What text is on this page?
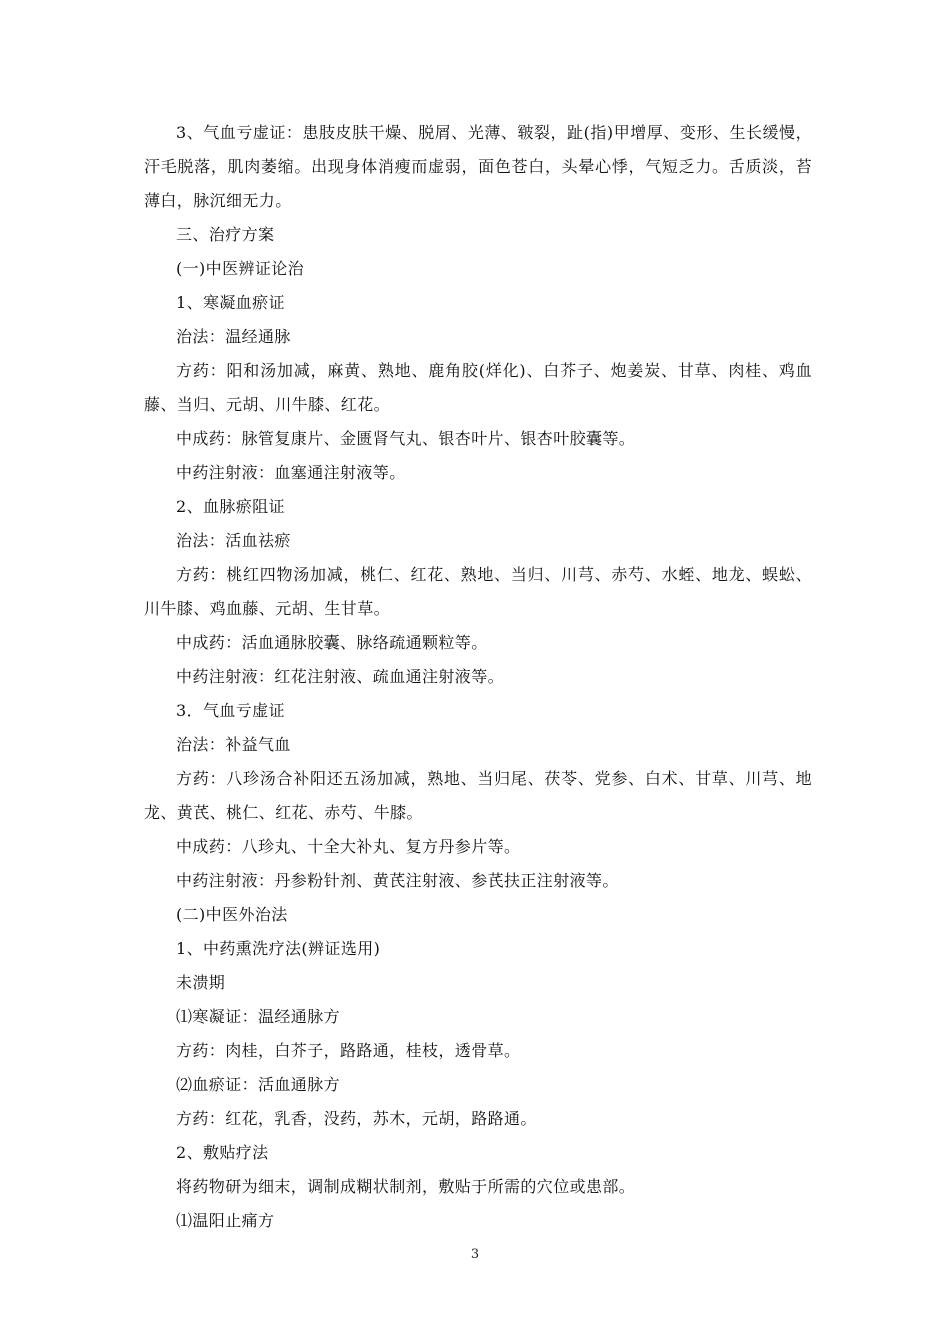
3、气血亏虚证：患肢皮肤干燥、脱屑、光薄、皲裂，趾(指)甲增厚、变形、生长缓慢，汗毛脱落，肌肉萎缩。出现身体消瘦而虚弱，面色苍白，头晕心悸，气短乏力。舌质淡，苔薄白，脉沉细无力。

三、治疗方案

(一)中医辨证论治

1、寒凝血瘀证

治法：温经通脉

方药：阳和汤加减，麻黄、熟地、鹿角胶(烊化)、白芥子、炮姜炭、甘草、肉桂、鸡血藤、当归、元胡、川牛膝、红花。

中成药：脉管复康片、金匮肾气丸、银杏叶片、银杏叶胶囊等。

中药注射液：血塞通注射液等。

2、血脉瘀阻证

治法：活血祛瘀

方药：桃红四物汤加减，桃仁、红花、熟地、当归、川芎、赤芍、水蛭、地龙、蜈蚣、川牛膝、鸡血藤、元胡、生甘草。

中成药：活血通脉胶囊、脉络疏通颗粒等。

中药注射液：红花注射液、疏血通注射液等。

3．气血亏虚证

治法：补益气血

方药：八珍汤合补阳还五汤加减，熟地、当归尾、茯苓、党参、白术、甘草、川芎、地龙、黄芪、桃仁、红花、赤芍、牛膝。

中成药：八珍丸、十全大补丸、复方丹参片等。

中药注射液：丹参粉针剂、黄芪注射液、参芪扶正注射液等。

(二)中医外治法

1、中药熏洗疗法(辨证选用)

未溃期

⑴寒凝证：温经通脉方

方药：肉桂，白芥子，路路通，桂枝，透骨草。

⑵血瘀证：活血通脉方

方药：红花，乳香，没药，苏木，元胡，路路通。

2、敷贴疗法

将药物研为细末，调制成糊状制剂，敷贴于所需的穴位或患部。

⑴温阳止痛方

3
